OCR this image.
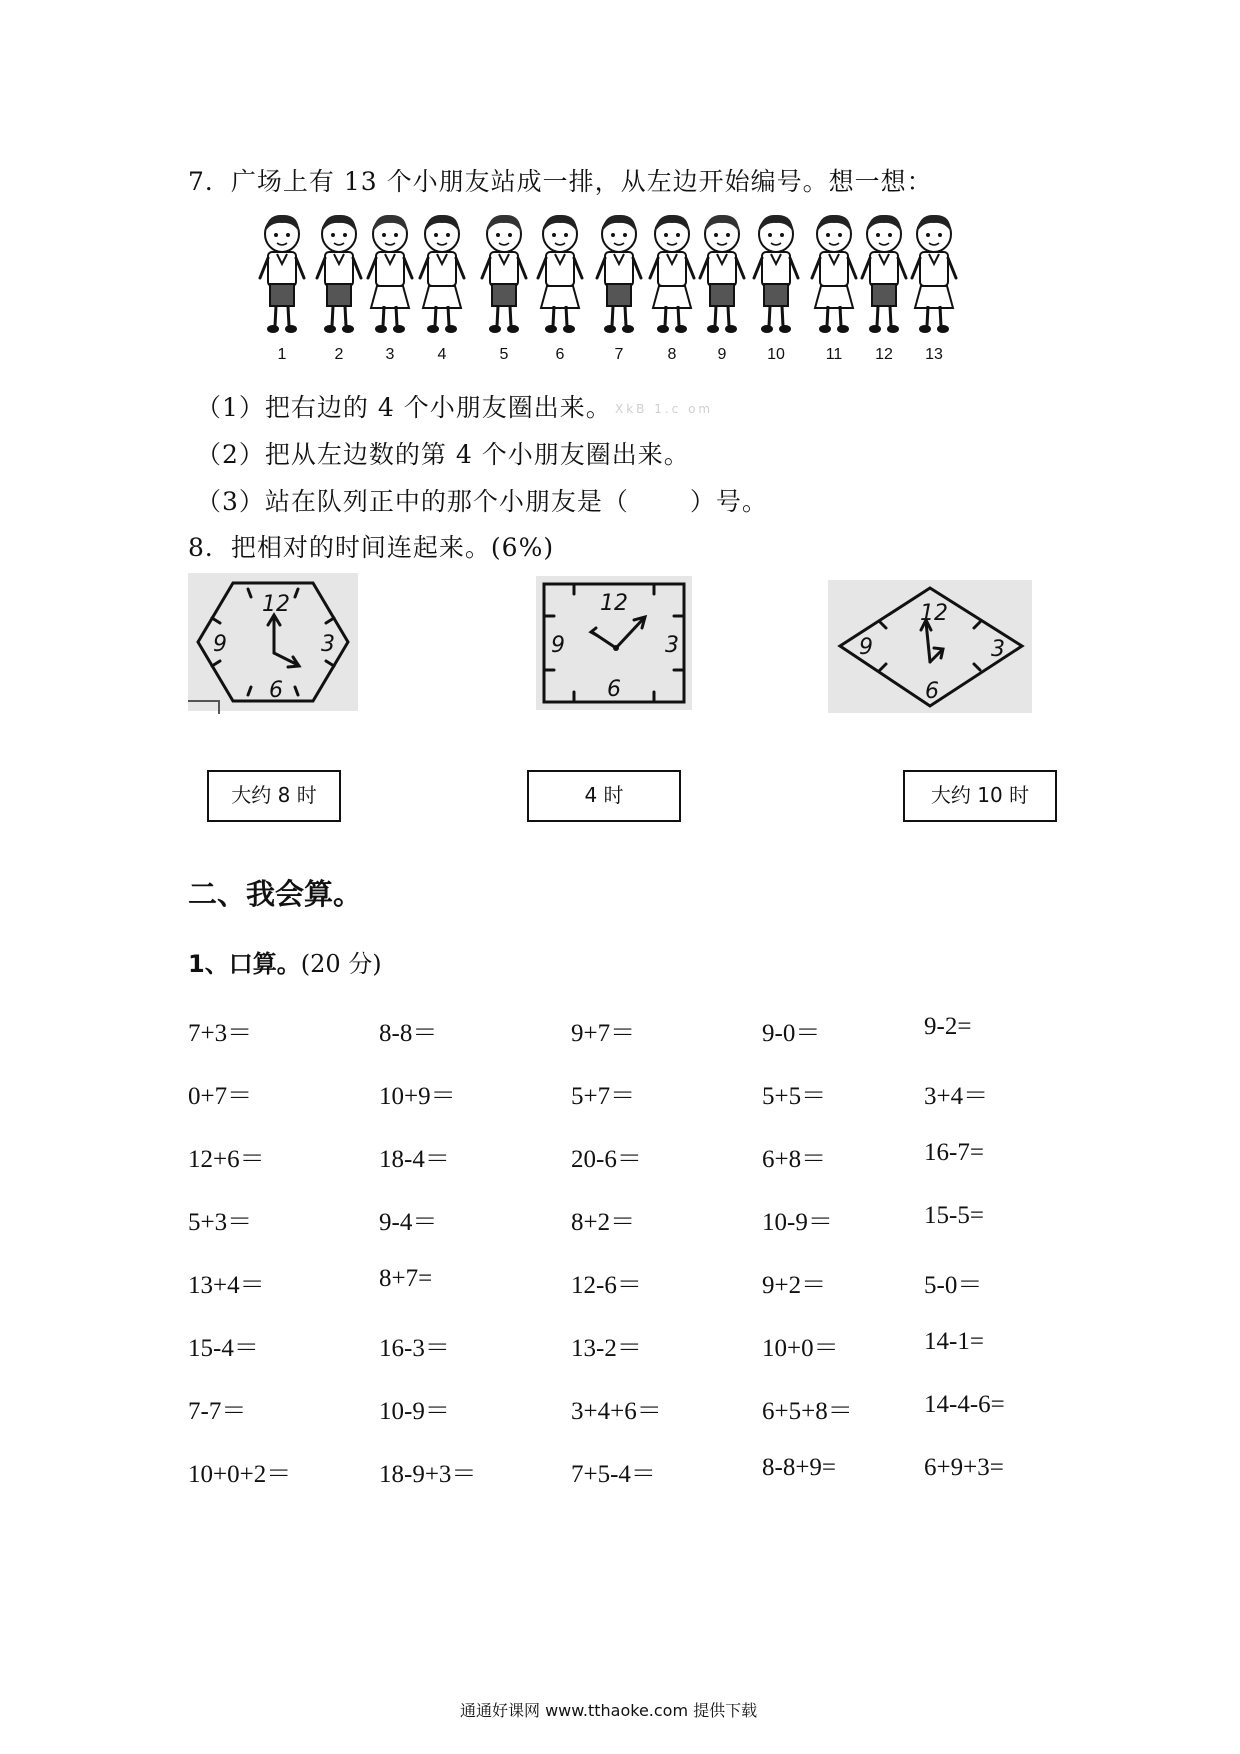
7．广场上有 13 个小朋友站成一排，从左边开始编号。想一想：
1	2	3	4	5	6	7	8	9	10	11	12	13
（1）把右边的 4 个小朋友圈出来。 XkB 1.c om
（2）把从左边数的第 4 个小朋友圈出来。
（3）站在队列正中的那个小朋友是（　　 ）号。
8．把相对的时间连起来。(6%)
12
3
6
9
12
3
6
9
12
3
6
9
大约 8 时	4 时	大约 10 时
二、我会算。
1、口算。(20 分)
7+3＝	8-8＝	9+7＝	9-0＝	9-2=
0+7＝	10+9＝	5+7＝	5+5＝	3+4＝
12+6＝	18-4＝	20-6＝	6+8＝	16-7=
5+3＝	9-4＝	8+2＝	10-9＝	15-5=
13+4＝	8+7=	12-6＝	9+2＝	5-0＝
15-4＝	16-3＝	13-2＝	10+0＝	14-1=
7-7＝	10-9＝	3+4+6＝	6+5+8＝	14-4-6=
10+0+2＝	18-9+3＝	7+5-4＝	8-8+9=	6+9+3=
通通好课网 www.tthaoke.com 提供下载
